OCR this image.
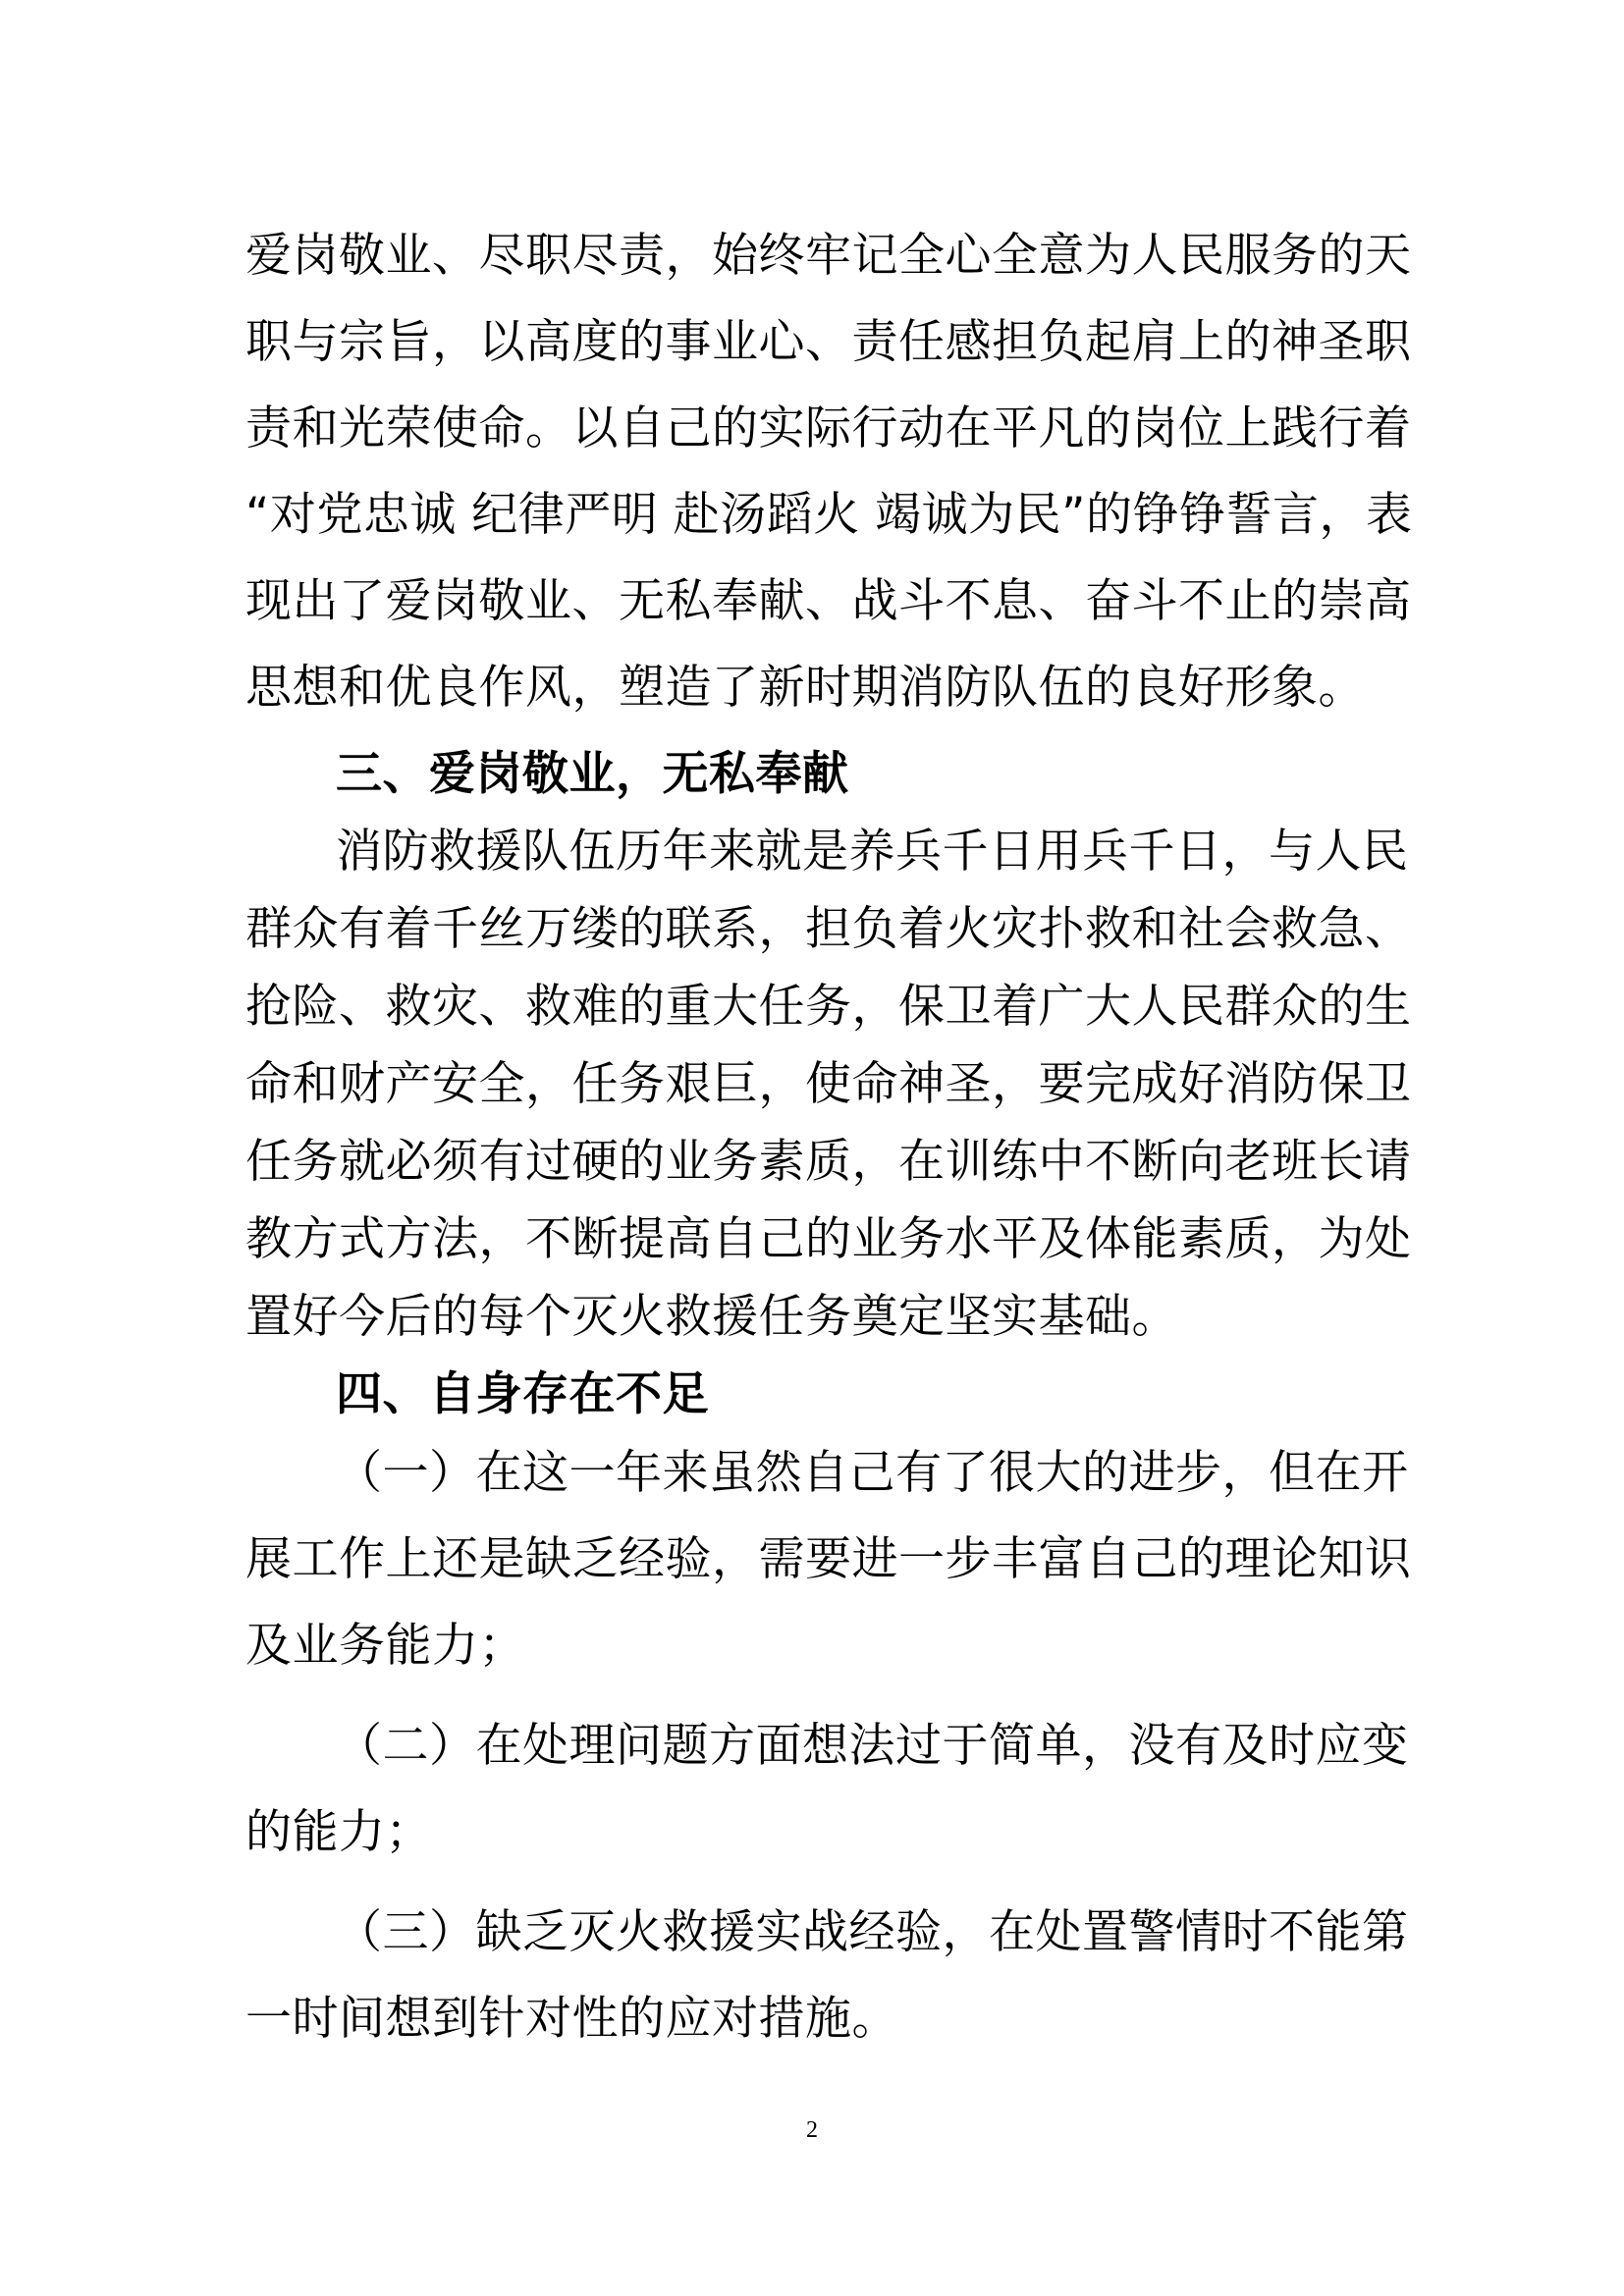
爱岗敬业、尽职尽责，始终牢记全心全意为人民服务的天
职与宗旨，以高度的事业心、责任感担负起肩上的神圣职
责和光荣使命。以自己的实际行动在平凡的岗位上践行着
“对党忠诚 纪律严明 赴汤蹈火 竭诚为民”的铮铮誓言，表
现出了爱岗敬业、无私奉献、战斗不息、奋斗不止的崇高
思想和优良作风，塑造了新时期消防队伍的良好形象。
三、爱岗敬业，无私奉献
消防救援队伍历年来就是养兵千日用兵千日，与人民
群众有着千丝万缕的联系，担负着火灾扑救和社会救急、
抢险、救灾、救难的重大任务，保卫着广大人民群众的生
命和财产安全，任务艰巨，使命神圣，要完成好消防保卫
任务就必须有过硬的业务素质，在训练中不断向老班长请
教方式方法，不断提高自己的业务水平及体能素质，为处
置好今后的每个灭火救援任务奠定坚实基础。
四、自身存在不足
（一）在这一年来虽然自己有了很大的进步，但在开
展工作上还是缺乏经验，需要进一步丰富自己的理论知识
及业务能力；
（二）在处理问题方面想法过于简单，没有及时应变
的能力；
（三）缺乏灭火救援实战经验，在处置警情时不能第
一时间想到针对性的应对措施。
2
